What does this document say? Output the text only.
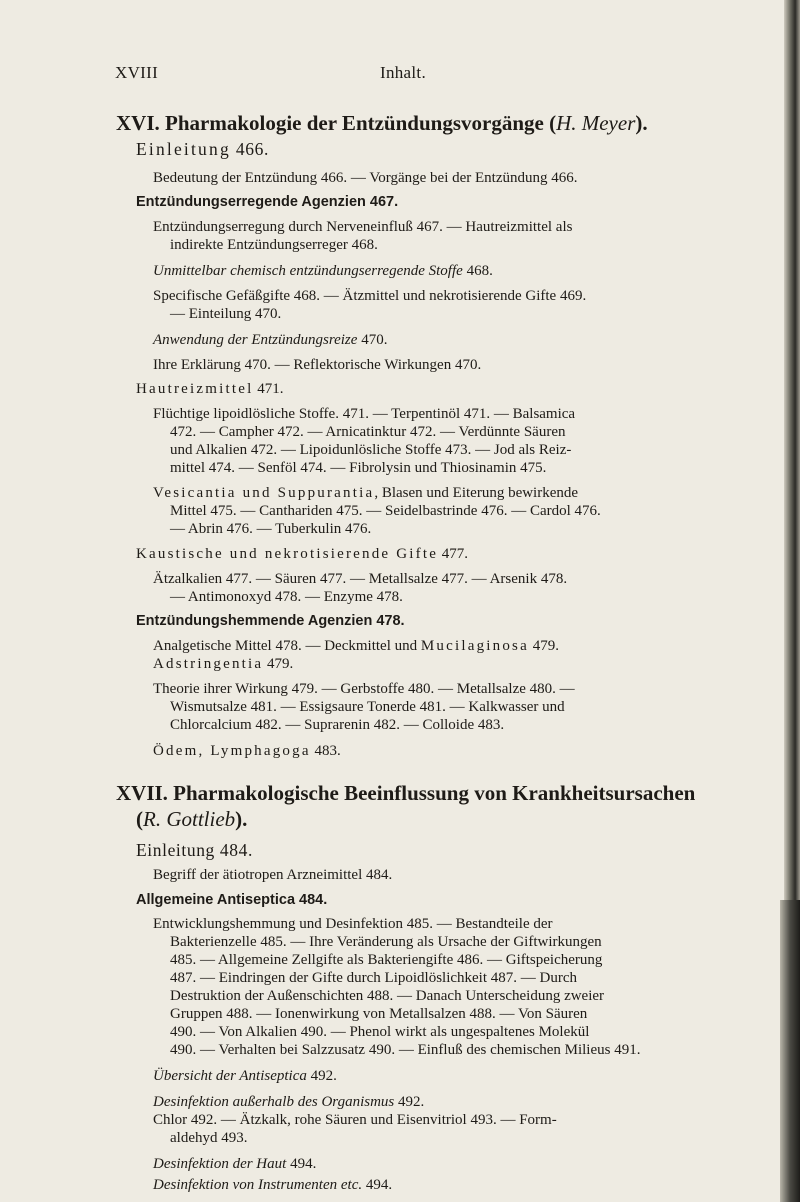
XVIII	Inhalt.
XVI. Pharmakologie der Entzündungsvorgänge (H. Meyer).
Einleitung 466.
Bedeutung der Entzündung 466. — Vorgänge bei der Entzündung 466.
Entzündungserregende Agenzien 467.
Entzündungserregung durch Nerveneinfluß 467. — Hautreizmittel als
indirekte Entzündungserreger 468.
Unmittelbar chemisch entzündungserregende Stoffe 468.
Specifische Gefäßgifte 468. — Ätzmittel und nekrotisierende Gifte 469.
— Einteilung 470.
Anwendung der Entzündungsreize 470.
Ihre Erklärung 470. — Reflektorische Wirkungen 470.
Hautreizmittel 471.
Flüchtige lipoidlösliche Stoffe. 471. — Terpentinöl 471. — Balsamica
472. — Campher 472. — Arnicatinktur 472. — Verdünnte Säuren
und Alkalien 472. — Lipoidunlösliche Stoffe 473. — Jod als Reiz-
mittel 474. — Senföl 474. — Fibrolysin und Thiosinamin 475.
Vesicantia und Suppurantia, Blasen und Eiterung bewirkende
Mittel 475. — Canthariden 475. — Seidelbastrinde 476. — Cardol 476.
— Abrin 476. — Tuberkulin 476.
Kaustische und nekrotisierende Gifte 477.
Ätzalkalien 477. — Säuren 477. — Metallsalze 477. — Arsenik 478.
— Antimonoxyd 478. — Enzyme 478.
Entzündungshemmende Agenzien 478.
Analgetische Mittel 478. — Deckmittel und Mucilaginosa 479.
Adstringentia 479.
Theorie ihrer Wirkung 479. — Gerbstoffe 480. — Metallsalze 480. —
Wismutsalze 481. — Essigsaure Tonerde 481. — Kalkwasser und
Chlorcalcium 482. — Suprarenin 482. — Colloide 483.
Ödem, Lymphagoga 483.
XVII. Pharmakologische Beeinflussung von Krankheitsursachen
(R. Gottlieb).
Einleitung 484.
Begriff der ätiotropen Arzneimittel 484.
Allgemeine Antiseptica 484.
Entwicklungshemmung und Desinfektion 485. — Bestandteile der
Bakterienzelle 485. — Ihre Veränderung als Ursache der Giftwirkungen
485. — Allgemeine Zellgifte als Bakteriengifte 486. — Giftspeicherung
487. — Eindringen der Gifte durch Lipoidlöslichkeit 487. — Durch
Destruktion der Außenschichten 488. — Danach Unterscheidung zweier
Gruppen 488. — Ionenwirkung von Metallsalzen 488. — Von Säuren
490. — Von Alkalien 490. — Phenol wirkt als ungespaltenes Molekül
490. — Verhalten bei Salzzusatz 490. — Einfluß des chemischen Milieus 491.
Übersicht der Antiseptica 492.
Desinfektion außerhalb des Organismus 492.
Chlor 492. — Ätzkalk, rohe Säuren und Eisenvitriol 493. — Form-
aldehyd 493.
Desinfektion der Haut 494.
Desinfektion von Instrumenten etc. 494.
